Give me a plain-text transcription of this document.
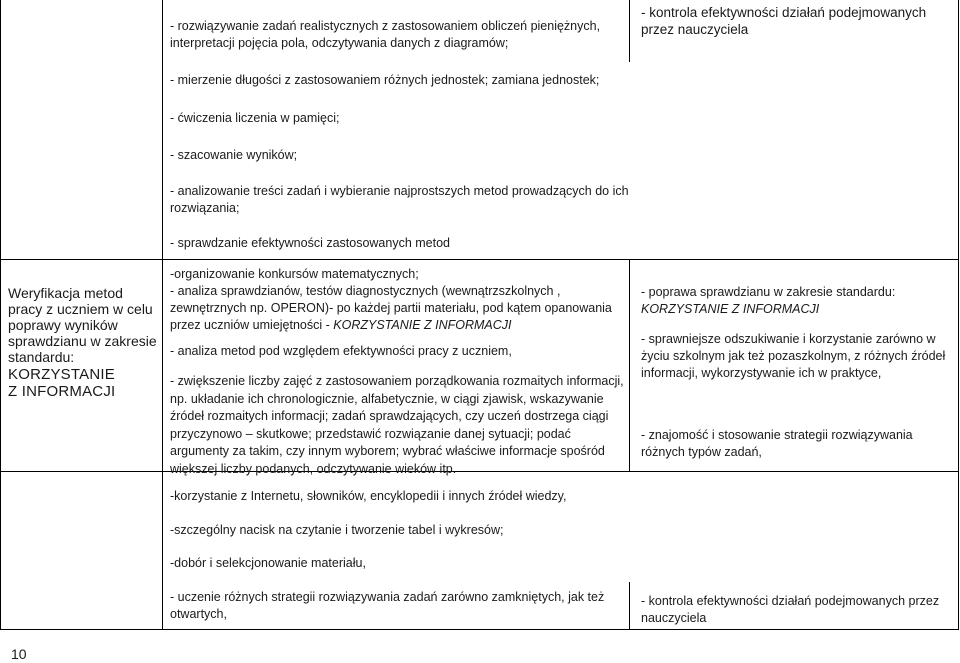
- rozwiązywanie zadań realistycznych z zastosowaniem obliczeń pieniężnych, interpretacji pojęcia pola, odczytywania danych z diagramów;
- kontrola efektywności działań podejmowanych przez nauczyciela
- mierzenie długości z zastosowaniem różnych jednostek; zamiana jednostek;
- ćwiczenia liczenia w pamięci;
- szacowanie wyników;
- analizowanie treści zadań i wybieranie najprostszych metod prowadzących do ich rozwiązania;
- sprawdzanie efektywności zastosowanych metod
Weryfikacja metod pracy z uczniem w celu poprawy wyników sprawdzianu w zakresie standardu:
KORZYSTANIE
Z INFORMACJI
-organizowanie konkursów matematycznych;
- analiza sprawdzianów, testów diagnostycznych (wewnątrzszkolnych , zewnętrznych np. OPERON)- po każdej partii materiału, pod kątem opanowania przez uczniów umiejętności - KORZYSTANIE Z INFORMACJI
- analiza metod pod względem efektywności pracy z uczniem,
- zwiększenie liczby zajęć z zastosowaniem porządkowania rozmaitych informacji, np. układanie ich chronologicznie, alfabetycznie, w ciągi zjawisk, wskazywanie źródeł rozmaitych informacji; zadań sprawdzających, czy uczeń dostrzega ciągi przyczynowo – skutkowe; przedstawić rozwiązanie danej sytuacji; podać argumenty za takim, czy innym wyborem; wybrać właściwe informacje spośród większej liczby podanych, odczytywanie wieków itp.
- poprawa sprawdzianu w zakresie standardu: KORZYSTANIE Z INFORMACJI
- sprawniejsze odszukiwanie i korzystanie zarówno w życiu szkolnym jak też pozaszkolnym, z różnych źródeł informacji, wykorzystywanie ich w praktyce,
- znajomość i stosowanie strategii rozwiązywania różnych typów zadań,
-korzystanie z Internetu, słowników, encyklopedii i innych źródeł wiedzy,
-szczególny nacisk na czytanie i tworzenie tabel i wykresów;
-dobór i selekcjonowanie materiału,
- uczenie różnych strategii rozwiązywania zadań zarówno zamkniętych, jak też otwartych,
- kontrola efektywności działań podejmowanych przez nauczyciela
10
